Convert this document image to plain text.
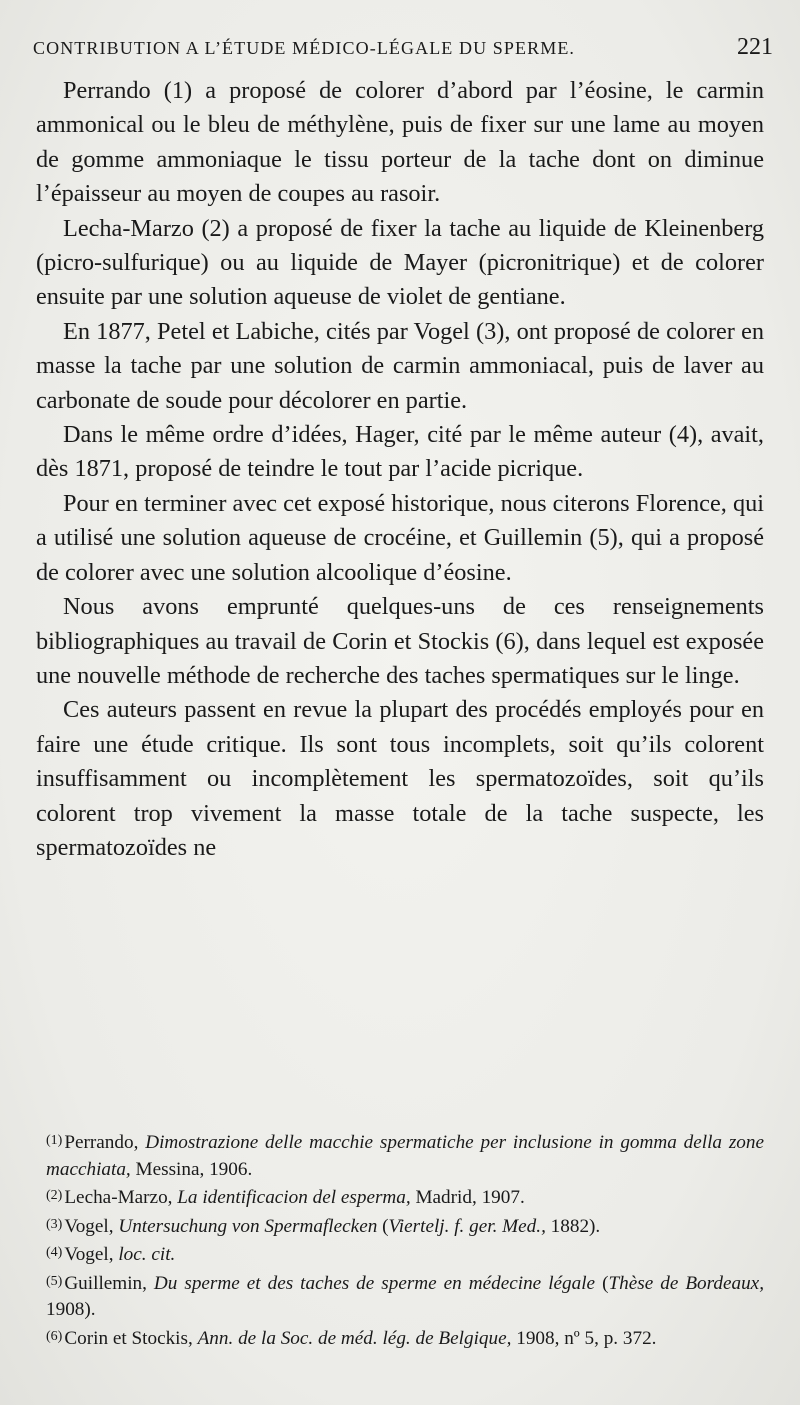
CONTRIBUTION A L’ÉTUDE MÉDICO-LÉGALE DU SPERME.	221

Perrando (1) a proposé de colorer d’abord par l’éosine, le carmin ammonical ou le bleu de méthylène, puis de fixer sur une lame au moyen de gomme ammoniaque le tissu porteur de la tache dont on diminue l’épaisseur au moyen de coupes au rasoir.

Lecha-Marzo (2) a proposé de fixer la tache au liquide de Kleinenberg (picro-sulfurique) ou au liquide de Mayer (picronitrique) et de colorer ensuite par une solution aqueuse de violet de gentiane.

En 1877, Petel et Labiche, cités par Vogel (3), ont proposé de colorer en masse la tache par une solution de carmin ammoniacal, puis de laver au carbonate de soude pour décolorer en partie.

Dans le même ordre d’idées, Hager, cité par le même auteur (4), avait, dès 1871, proposé de teindre le tout par l’acide picrique.

Pour en terminer avec cet exposé historique, nous citerons Florence, qui a utilisé une solution aqueuse de crocéine, et Guillemin (5), qui a proposé de colorer avec une solution alcoolique d’éosine.

Nous avons emprunté quelques-uns de ces renseignements bibliographiques au travail de Corin et Stockis (6), dans lequel est exposée une nouvelle méthode de recherche des taches spermatiques sur le linge.

Ces auteurs passent en revue la plupart des procédés employés pour en faire une étude critique. Ils sont tous incomplets, soit qu’ils colorent insuffisamment ou incomplètement les spermatozoïdes, soit qu’ils colorent trop vivement la masse totale de la tache suspecte, les spermatozoïdes ne

$^{(1)}$ Perrando, Dimostrazione delle macchie spermatiche per inclusione in gomma della zone macchiata, Messina, 1906.

$^{(2)}$ Lecha-Marzo, La identificacion del esperma, Madrid, 1907.

$^{(3)}$ Vogel, Untersuchung von Spermaflecken (Viertelj. f. ger. Med., 1882).

$^{(4)}$ Vogel, loc. cit.

$^{(5)}$ Guillemin, Du sperme et des taches de sperme en médecine légale (Thèse de Bordeaux, 1908).

$^{(6)}$ Corin et Stockis, Ann. de la Soc. de méd. lég. de Belgique, 1908, nº 5, p. 372.
